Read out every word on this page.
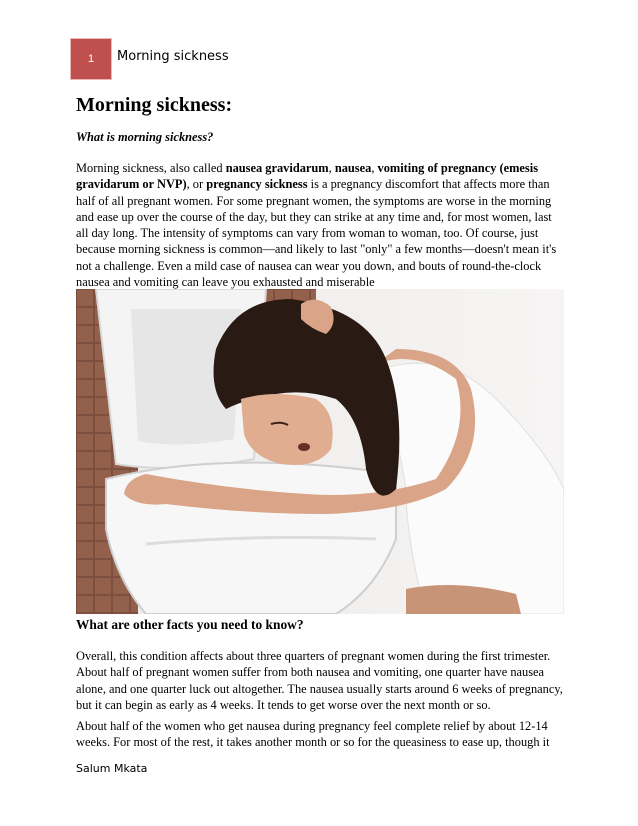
1 Morning sickness
Morning sickness:
What is morning sickness?

Morning sickness, also called nausea gravidarum, nausea, vomiting of pregnancy (emesis gravidarum or NVP), or pregnancy sickness is a pregnancy discomfort that affects more than half of all pregnant women. For some pregnant women, the symptoms are worse in the morning and ease up over the course of the day, but they can strike at any time and, for most women, last all day long. The intensity of symptoms can vary from woman to woman, too. Of course, just because morning sickness is common—and likely to last "only" a few months—doesn't mean it's not a challenge. Even a mild case of nausea can wear you down, and bouts of round-the-clock nausea and vomiting can leave you exhausted and miserable

What are other facts you need to know?

Overall, this condition affects about three quarters of pregnant women during the first trimester. About half of pregnant women suffer from both nausea and vomiting, one quarter have nausea alone, and one quarter luck out altogether. The nausea usually starts around 6 weeks of pregnancy, but it can begin as early as 4 weeks. It tends to get worse over the next month or so.

About half of the women who get nausea during pregnancy feel complete relief by about 12-14 weeks. For most of the rest, it takes another month or so for the queasiness to ease up, though it

Salum Mkata
